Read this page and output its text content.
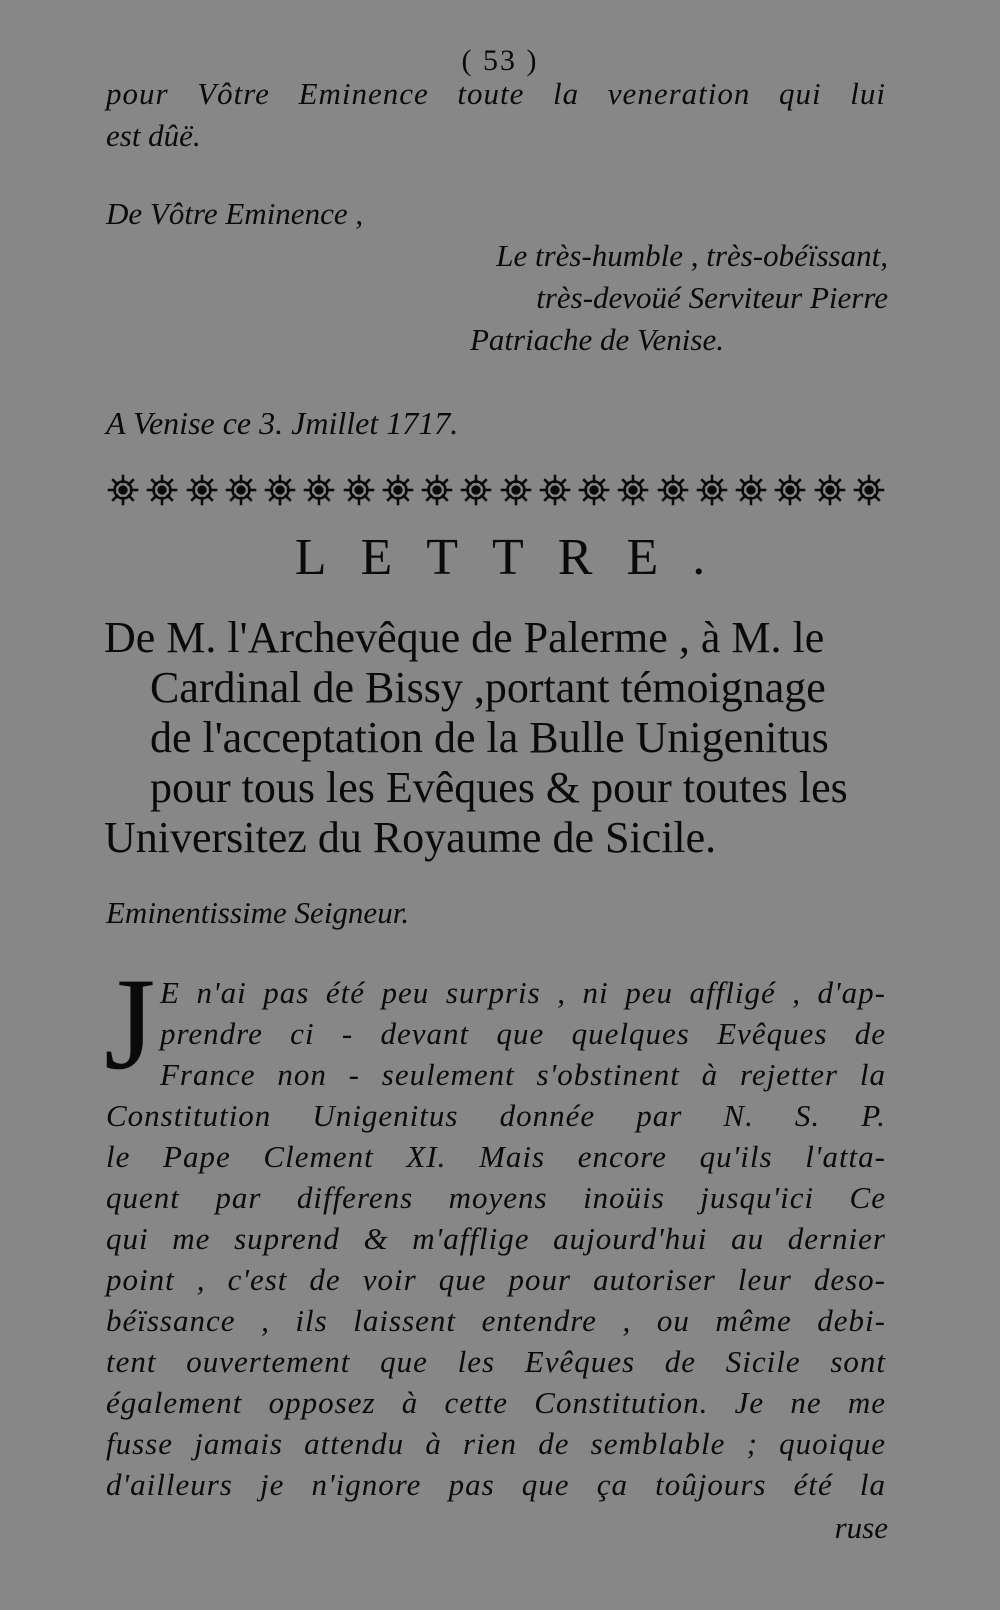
( 53 )
pour Vôtre Eminence toute la veneration qui lui
est dûë.
De Vôtre Eminence ,
Le très-humble , très-obéïssant,
très-devoüé Serviteur Pierre
Patriache de Venise.
A Venise ce 3. Jmillet 1717.
LETTRE.
De M. l'Archevêque de Palerme , à M. le
Cardinal de Bissy ,portant témoignage
de l'acceptation de la Bulle Unigenitus
pour tous les Evêques & pour toutes les
Universitez du Royaume de Sicile.
Eminentissime Seigneur.
J E n'ai pas été peu surpris , ni peu affligé , d'ap-
prendre ci - devant que quelques Evêques de
France non - seulement s'obstinent à rejetter la
Constitution Unigenitus donnée par N. S. P.
le Pape Clement XI. Mais encore qu'ils l'atta-
quent par differens moyens inoüis jusqu'ici Ce
qui me suprend & m'afflige aujourd'hui au dernier
point , c'est de voir que pour autoriser leur deso-
béïssance , ils laissent entendre , ou même debi-
tent ouvertement que les Evêques de Sicile sont
également opposez à cette Constitution. Je ne me
fusse jamais attendu à rien de semblable ; quoique
d'ailleurs je n'ignore pas que ça toûjours été la
ruse
